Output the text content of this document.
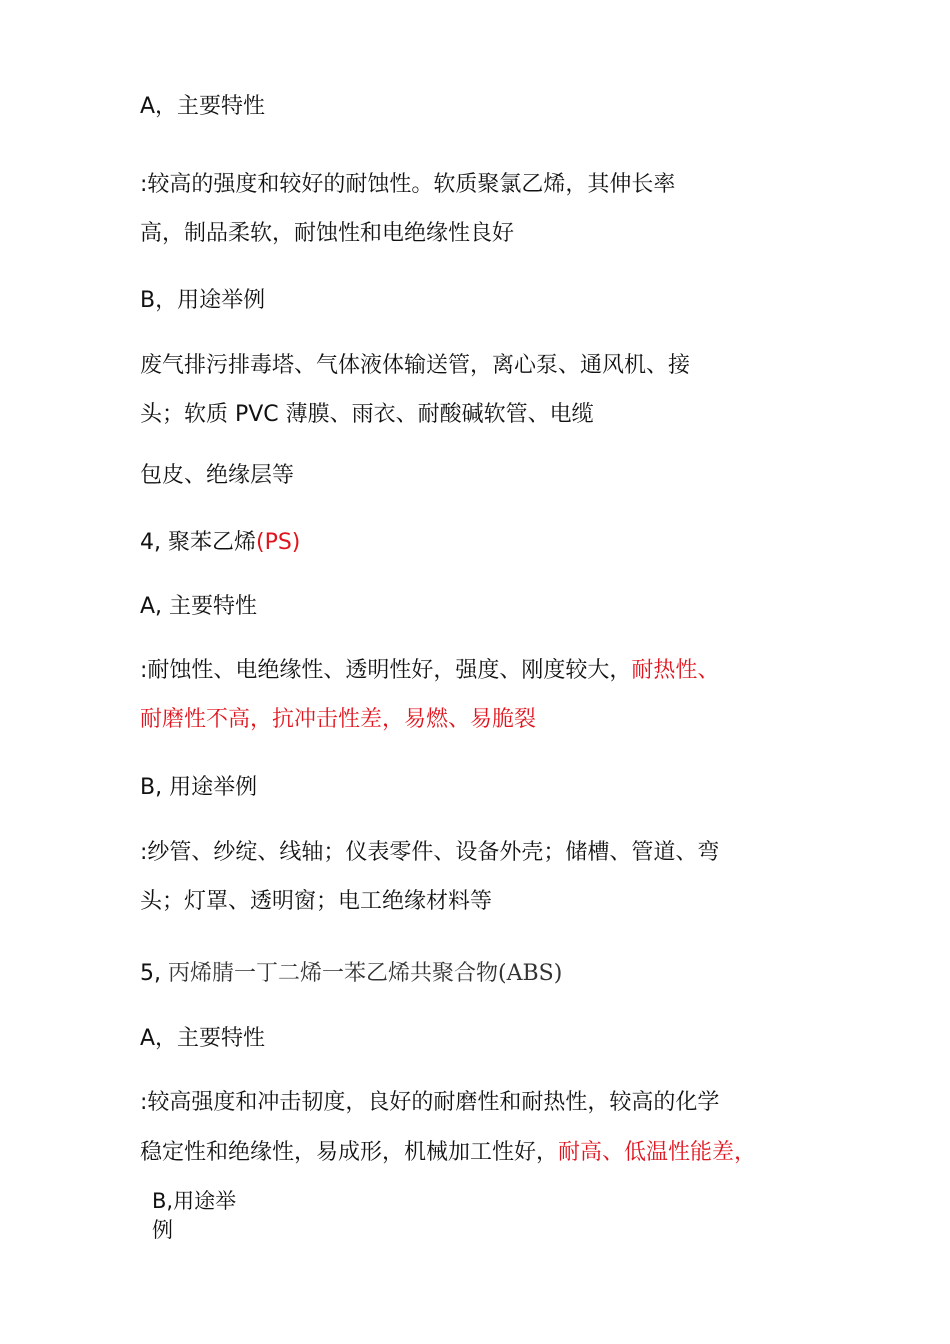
A，主要特性
:较高的强度和较好的耐蚀性。软质聚氯乙烯，其伸长率
高，制品柔软，耐蚀性和电绝缘性良好
B，用途举例
废气排污排毒塔、气体液体输送管，离心泵、通风机、接
头；软质 PVC 薄膜、雨衣、耐酸碱软管、电缆
包皮、绝缘层等
4, 聚苯乙烯(PS)
A, 主要特性
:耐蚀性、电绝缘性、透明性好，强度、刚度较大，耐热性、
耐磨性不高，抗冲击性差，易燃、易脆裂
B, 用途举例
:纱管、纱绽、线轴；仪表零件、设备外壳；储槽、管道、弯
头；灯罩、透明窗；电工绝缘材料等
5, 丙烯腈一丁二烯一苯乙烯共聚合物(ABS)
A，主要特性
:较高强度和冲击韧度，良好的耐磨性和耐热性，较高的化学
稳定性和绝缘性，易成形，机械加工性好，耐高、低温性能差，
B,用途举
例
